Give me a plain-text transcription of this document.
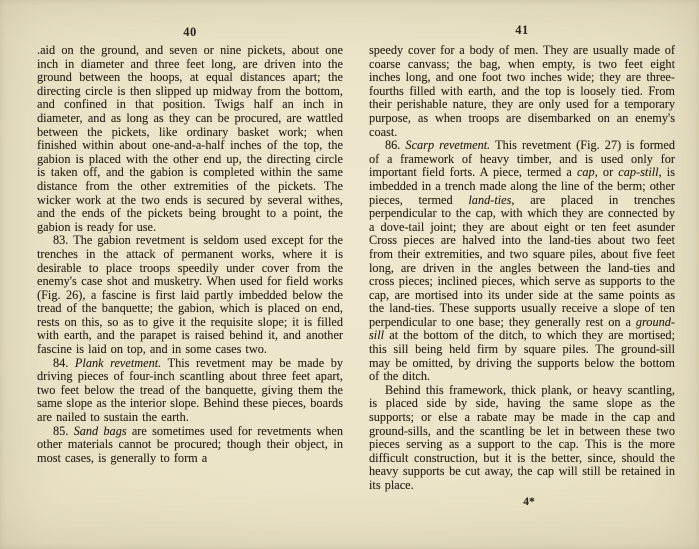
40

.aid on the ground, and seven or nine pickets, about one inch in diameter and three feet long, are driven into the ground between the hoops, at equal distances apart; the directing circle is then slipped up midway from the bottom, and confined in that position. Twigs half an inch in diameter, and as long as they can be procured, are wattled between the pickets, like ordinary basket work; when finished within about one-and-a-half inches of the top, the gabion is placed with the other end up, the directing circle is taken off, and the gabion is completed within the same distance from the other extremities of the pickets. The wicker work at the two ends is secured by several withes, and the ends of the pickets being brought to a point, the gabion is ready for use.

83. The gabion revetment is seldom used except for the trenches in the attack of permanent works, where it is desirable to place troops speedily under cover from the enemy's case shot and musketry. When used for field works (Fig. 26), a fascine is first laid partly imbedded below the tread of the banquette; the gabion, which is placed on end, rests on this, so as to give it the requisite slope; it is filled with earth, and the parapet is raised behind it, and another fascine is laid on top, and in some cases two.

84. Plank revetment. This revetment may be made by driving pieces of four-inch scantling about three feet apart, two feet below the tread of the banquette, giving them the same slope as the interior slope. Behind these pieces, boards are nailed to sustain the earth.

85. Sand bags are sometimes used for revetments when other materials cannot be procured; though their object, in most cases, is generally to form a

41

speedy cover for a body of men. They are usually made of coarse canvass; the bag, when empty, is two feet eight inches long, and one foot two inches wide; they are three-fourths filled with earth, and the top is loosely tied. From their perishable nature, they are only used for a temporary purpose, as when troops are disembarked on an enemy's coast.

86. Scarp revetment. This revetment (Fig. 27) is formed of a framework of heavy timber, and is used only for important field forts. A piece, termed a cap, or cap-still, is imbedded in a trench made along the line of the berm; other pieces, termed land-ties, are placed in trenches perpendicular to the cap, with which they are connected by a dove-tail joint; they are about eight or ten feet asunder Cross pieces are halved into the land-ties about two feet from their extremities, and two square piles, about five feet long, are driven in the angles between the land-ties and cross pieces; inclined pieces, which serve as supports to the cap, are mortised into its under side at the same points as the land-ties. These supports usually receive a slope of ten perpendicular to one base; they generally rest on a ground-sill at the bottom of the ditch, to which they are mortised; this sill being held firm by square piles. The ground-sill may be omitted, by driving the supports below the bottom of the ditch.

Behind this framework, thick plank, or heavy scantling, is placed side by side, having the same slope as the supports; or else a rabate may be made in the cap and ground-sills, and the scantling be let in between these two pieces serving as a support to the cap. This is the more difficult construction, but it is the better, since, should the heavy supports be cut away, the cap will still be retained in its place.

4*
